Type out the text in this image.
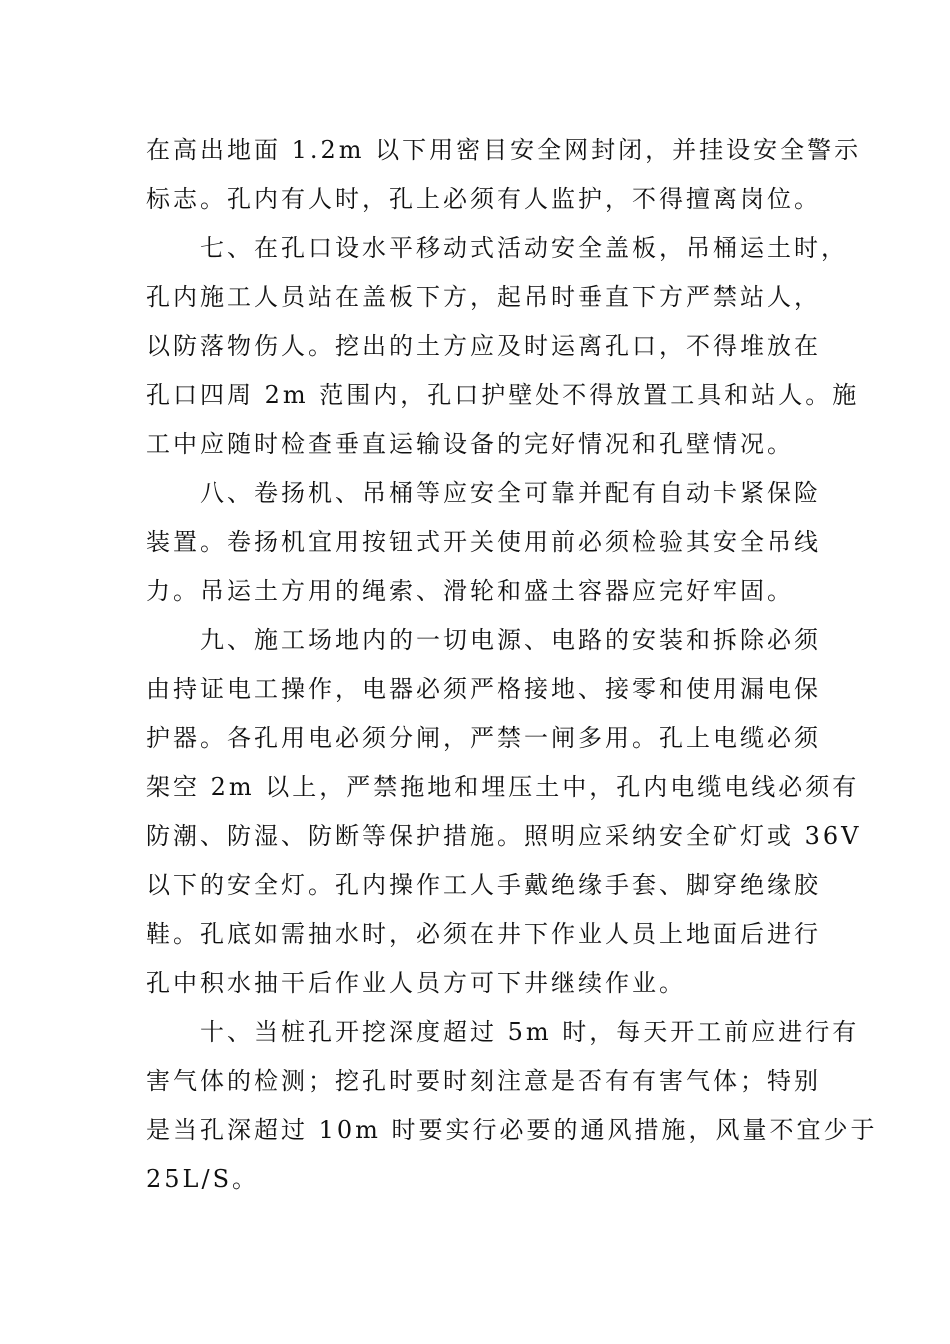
在高出地面 1.2m 以下用密目安全网封闭，并挂设安全警示
标志。孔内有人时，孔上必须有人监护，不得擅离岗位。
七、在孔口设水平移动式活动安全盖板，吊桶运土时，
孔内施工人员站在盖板下方，起吊时垂直下方严禁站人，
以防落物伤人。挖出的土方应及时运离孔口，不得堆放在
孔口四周 2m 范围内，孔口护壁处不得放置工具和站人。施
工中应随时检查垂直运输设备的完好情况和孔壁情况。
八、卷扬机、吊桶等应安全可靠并配有自动卡紧保险
装置。卷扬机宜用按钮式开关使用前必须检验其安全吊线
力。吊运土方用的绳索、滑轮和盛土容器应完好牢固。
九、施工场地内的一切电源、电路的安装和拆除必须
由持证电工操作，电器必须严格接地、接零和使用漏电保
护器。各孔用电必须分闸，严禁一闸多用。孔上电缆必须
架空 2m 以上，严禁拖地和埋压土中，孔内电缆电线必须有
防潮、防湿、防断等保护措施。照明应采纳安全矿灯或 36V
以下的安全灯。孔内操作工人手戴绝缘手套、脚穿绝缘胶
鞋。孔底如需抽水时，必须在井下作业人员上地面后进行
孔中积水抽干后作业人员方可下井继续作业。
十、当桩孔开挖深度超过 5m 时，每天开工前应进行有
害气体的检测；挖孔时要时刻注意是否有有害气体；特别
是当孔深超过 10m 时要实行必要的通风措施，风量不宜少于
25L/S。
